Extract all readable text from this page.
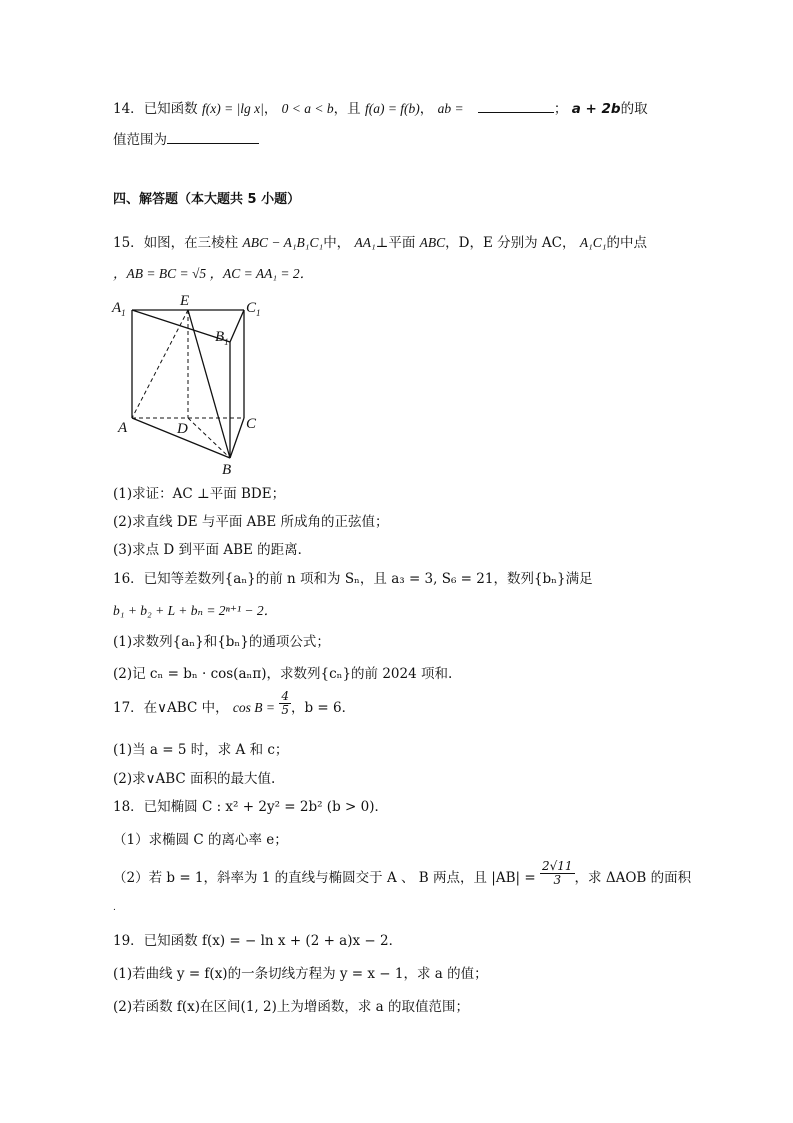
14．已知函数 f(x) = |lg x|， 0 < a < b，且 f(a) = f(b)， ab =	； a + 2b的取
值范围为
四、解答题（本大题共 5 小题）
15．如图，在三棱柱 ABC − A₁B₁C₁中， AA₁⊥平面 ABC，D，E 分别为 AC， A₁C₁的中点
，AB = BC = √5 ，AC = AA₁ = 2．
$A_1$
E	$C_1$
$B_1$
A	D	C
B
(1)求证：AC ⊥平面 BDE；
(2)求直线 DE 与平面 ABE 所成角的正弦值；
(3)求点 D 到平面 ABE 的距离．
16．已知等差数列{aₙ}的前 n 项和为 Sₙ，且 a₃ = 3, S₆ = 21，数列{bₙ}满足
b₁ + b₂ + L + bₙ = 2ⁿ⁺¹ − 2．
(1)求数列{aₙ}和{bₙ}的通项公式；
(2)记 cₙ = bₙ · cos(aₙπ)，求数列{cₙ}的前 2024 项和.
17．在∨ABC 中， $\cos B = \frac{4}{5}$ ，b = 6．
(1)当 a = 5 时，求 A 和 c；
(2)求∨ABC 面积的最大值.
18．已知椭圆 C : x² + 2y² = 2b² (b > 0)．
（1）求椭圆 C 的离心率 e；
（2）若 b = 1，斜率为 1 的直线与椭圆交于 A 、 B 两点，且 $|AB| = \frac{2√11}{3}$ ，求 ΔAOB 的面积
.
19．已知函数 f(x) = − ln x + (2 + a)x − 2．
(1)若曲线 y = f(x)的一条切线方程为 y = x − 1，求 a 的值；
(2)若函数 f(x)在区间(1, 2)上为增函数，求 a 的取值范围；
